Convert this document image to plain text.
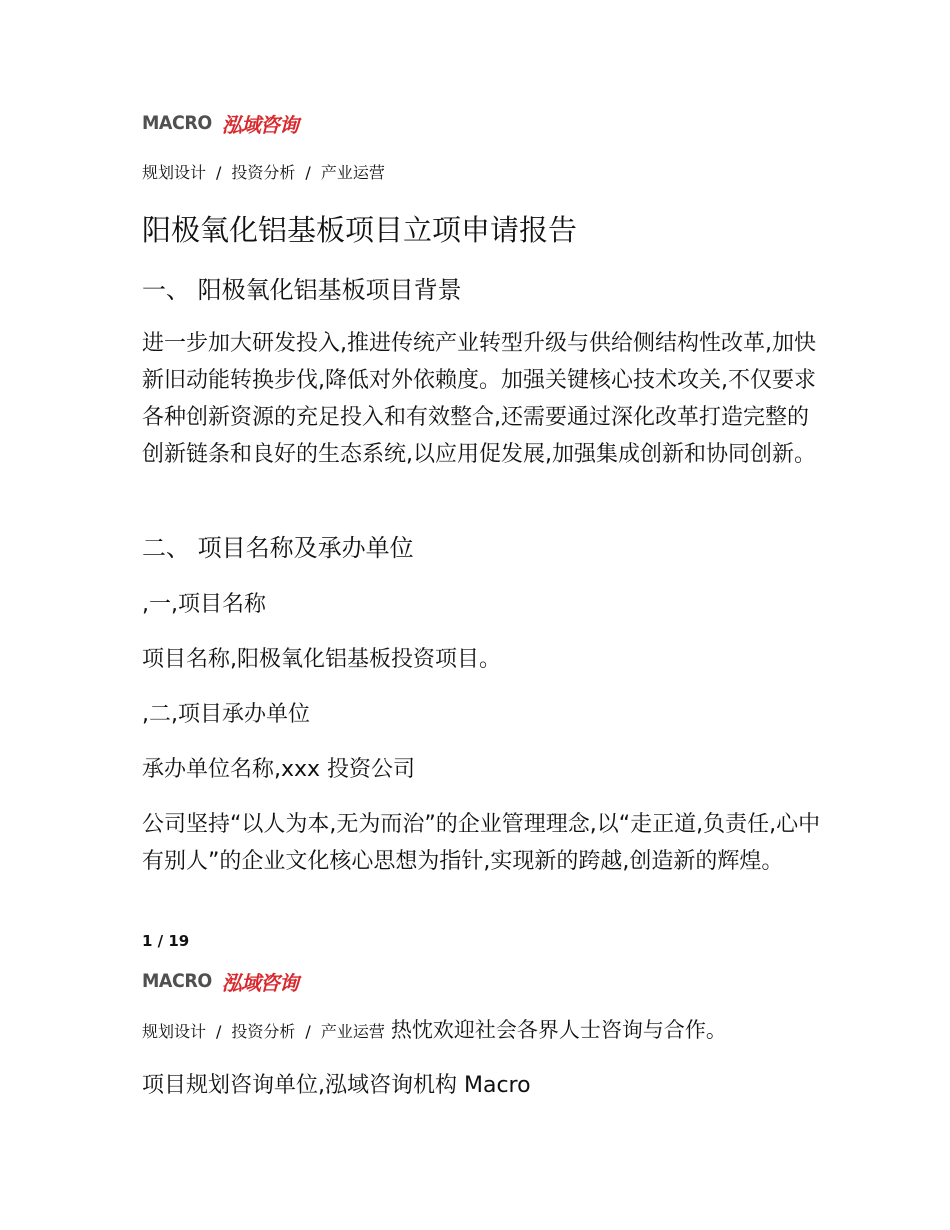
MACRO 泓域咨询
规划设计 / 投资分析 / 产业运营
阳极氧化铝基板项目立项申请报告
一、 阳极氧化铝基板项目背景
进一步加大研发投入,推进传统产业转型升级与供给侧结构性改革,加快新旧动能转换步伐,降低对外依赖度。加强关键核心技术攻关,不仅要求各种创新资源的充足投入和有效整合,还需要通过深化改革打造完整的创新链条和良好的生态系统,以应用促发展,加强集成创新和协同创新。
二、 项目名称及承办单位
,一,项目名称
项目名称,阳极氧化铝基板投资项目。
,二,项目承办单位
承办单位名称,xxx 投资公司
公司坚持“以人为本,无为而治”的企业管理理念,以“走正道,负责任,心中有别人”的企业文化核心思想为指针,实现新的跨越,创造新的辉煌。
1 / 19
MACRO 泓域咨询
规划设计 / 投资分析 / 产业运营 热忱欢迎社会各界人士咨询与合作。
项目规划咨询单位,泓域咨询机构 Macro
